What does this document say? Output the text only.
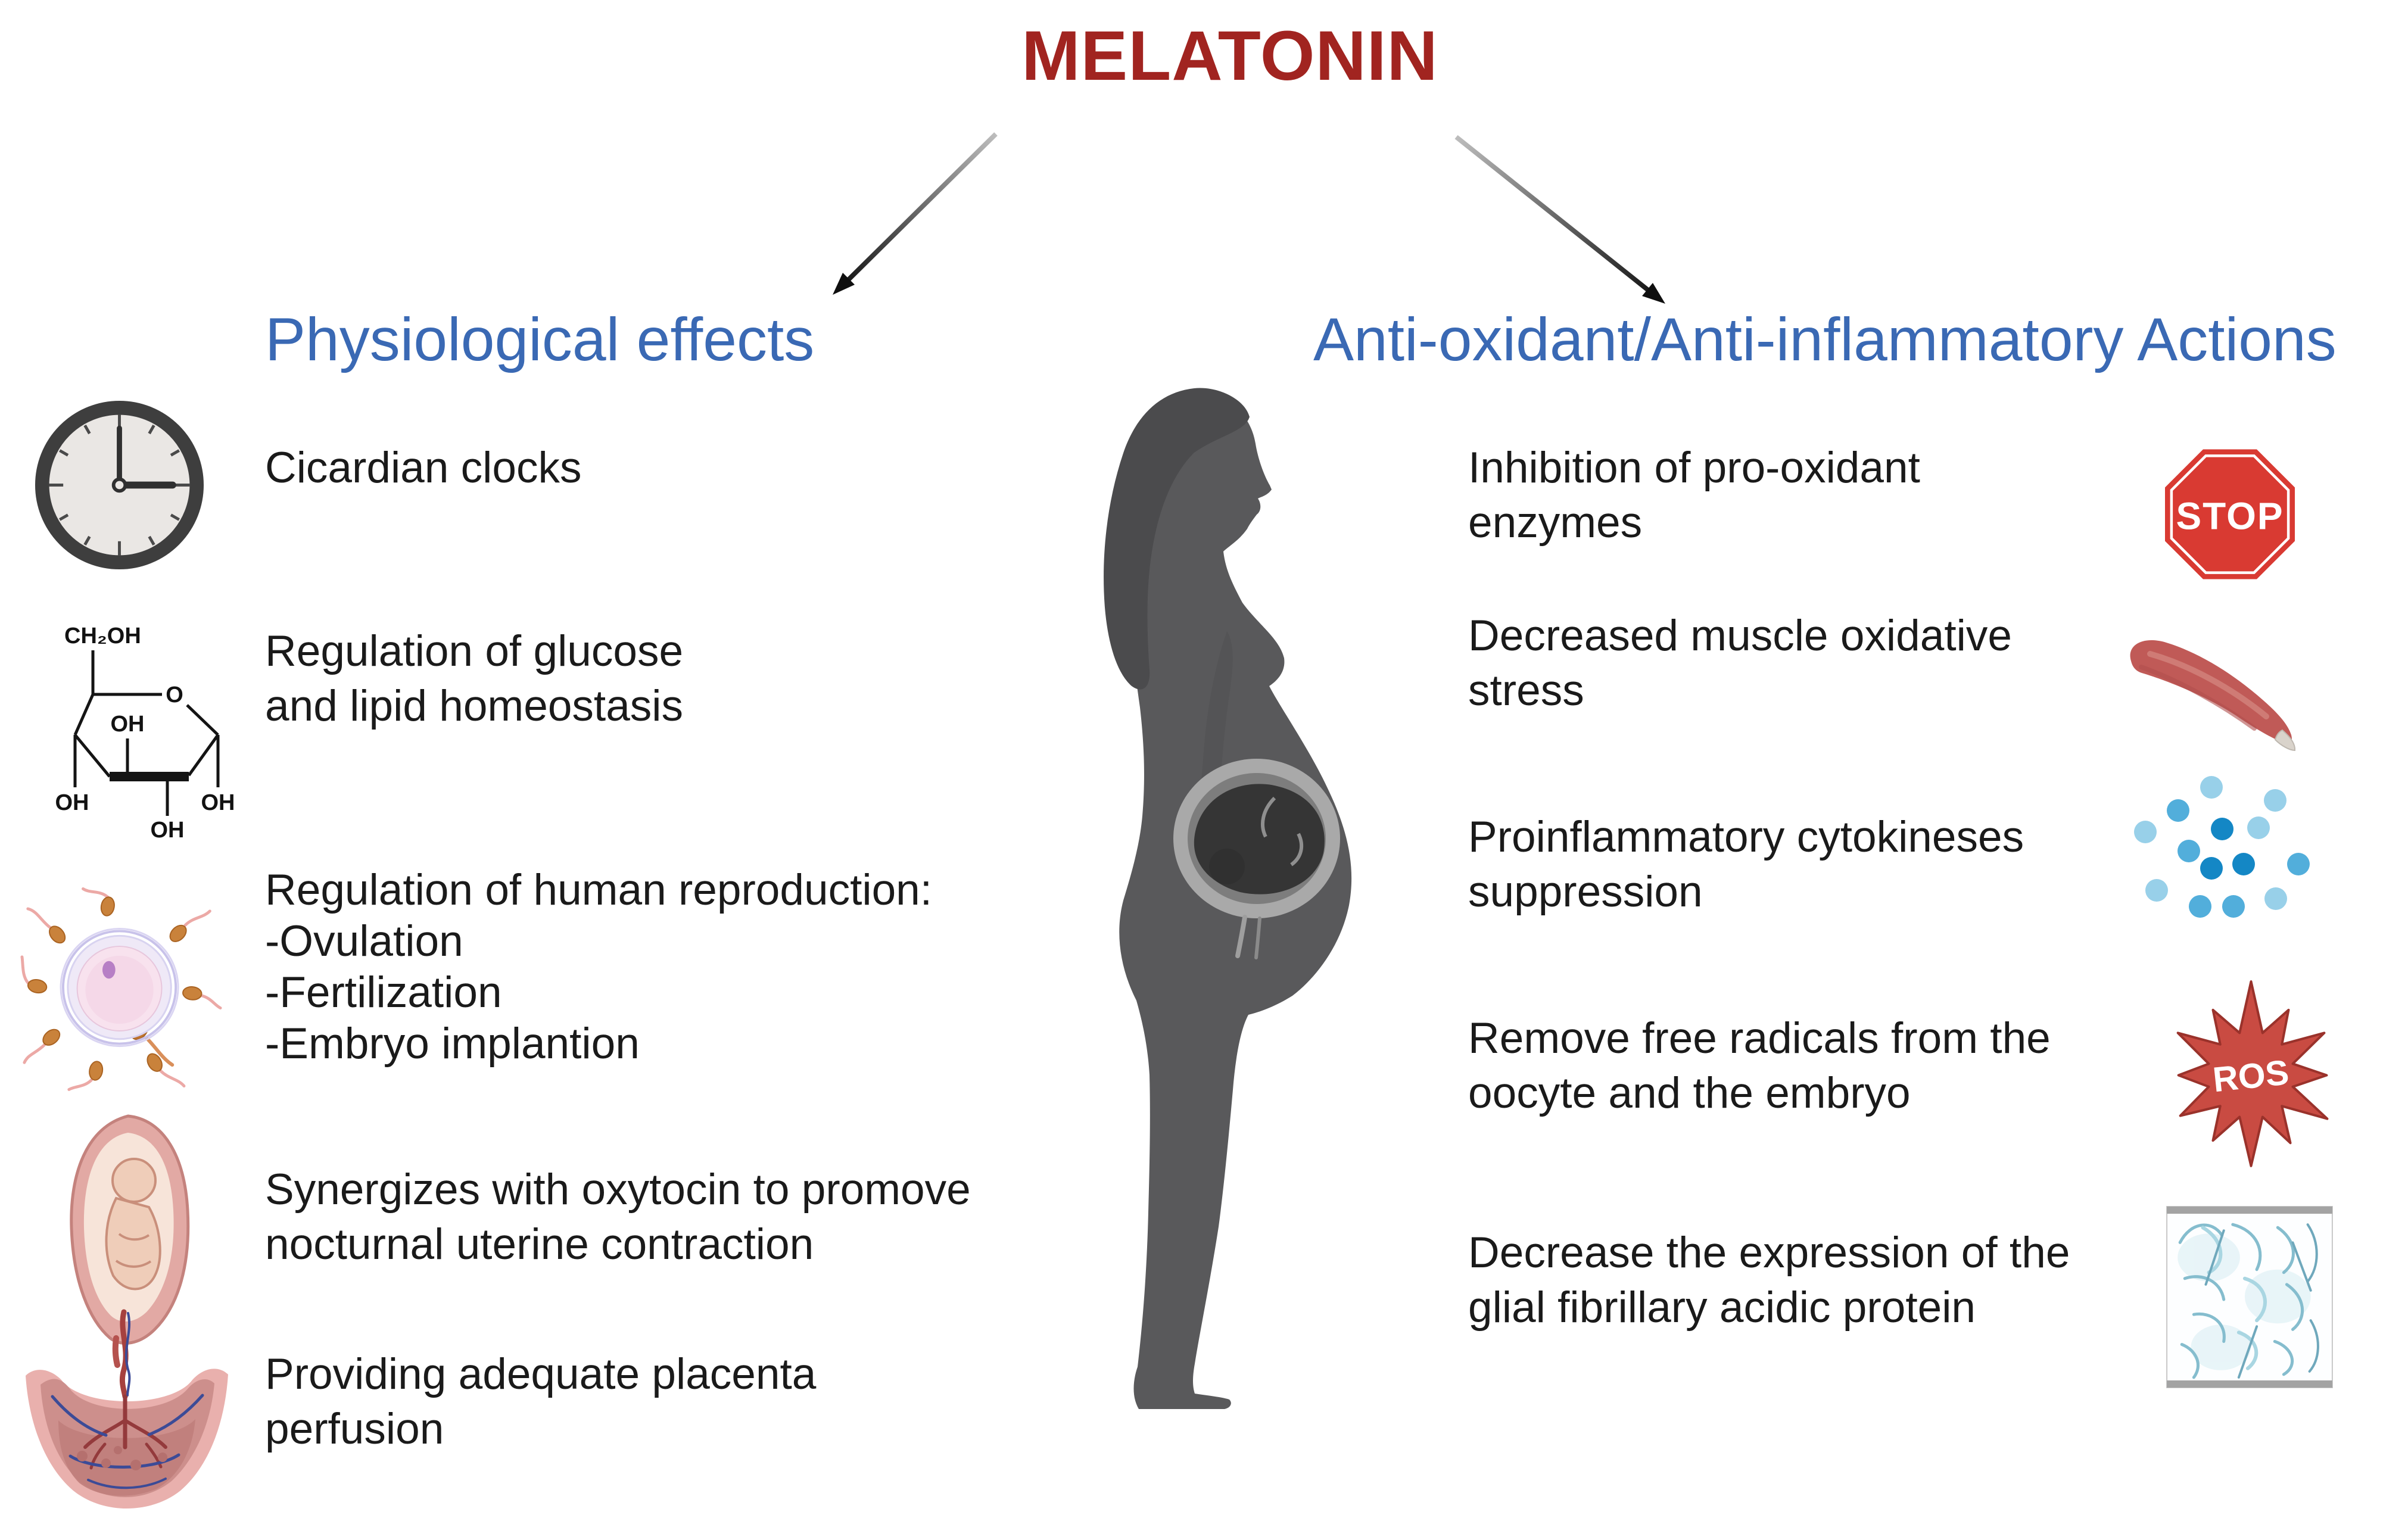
MELATONIN
Physiological effects	Anti-oxidant/Anti-inflammatory Actions
Cicardian clocks
CH₂OH
O
OH
OH
OH
OH
Regulation of glucose
and lipid homeostasis
Regulation of human reproduction:
-Ovulation
-Fertilization
-Embryo implantion
Synergizes with oxytocin to promove
nocturnal uterine contraction
Providing adequate placenta
perfusion
Inhibition of pro-oxidant
enzymes	STOP
Decreased muscle oxidative
stress
Proinflammatory cytokineses
suppression
Remove free radicals from the
oocyte and the embryo	ROS
Decrease the expression of the
glial fibrillary acidic protein
